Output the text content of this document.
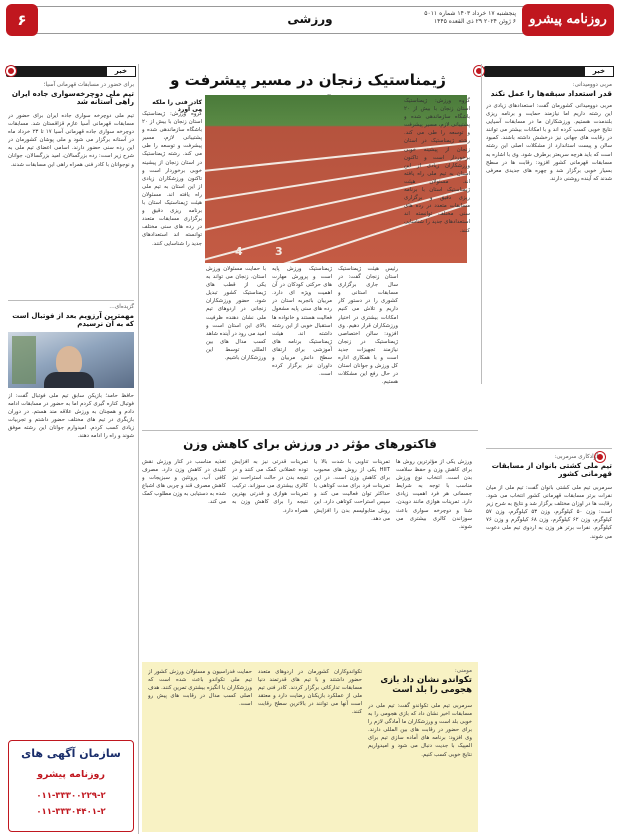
روزنامه پیشرو
پنجشنبه ۱۷ خرداد ۱۴۰۳ شماره ۵۰۱۱
۶ ژوئن ۲۰۲۴ ۲۹ ذی القعده ۱۴۴۵
ورزشی
۶
خبر
مربی دوومیدانی:
قدر استعداد سبقه‌ها را عمل نکند
مربی دوومیدانی کشورمان گفت: استعدادهای زیادی در این رشته داریم اما نیازمند حمایت و برنامه ریزی بلندمدت هستیم. ورزشکاران ما در مسابقات آسیایی نتایج خوبی کسب کرده اند و با امکانات بیشتر می توانند در رقابت های جهانی نیز درخشش داشته باشند. کمبود سالن و پیست استاندارد از مشکلات اصلی این رشته است که باید هرچه سریعتر برطرف شود. وی با اشاره به مسابقات قهرمانی کشور افزود: رقابت ها در سطح بسیار خوبی برگزار شد و چهره های جدیدی معرفی شدند که آینده روشنی دارند.
آزادکاری سرمربی:
تیم ملی کشتی بانوان از مسابقات قهرمانی کشور
سرمربی تیم ملی کشتی بانوان گفت: تیم ملی از میان نفرات برتر مسابقات قهرمانی کشور انتخاب می شود. رقابت ها در اوزان مختلف برگزار شد و نتایج به شرح زیر است: وزن ۵۰ کیلوگرم، وزن ۵۳ کیلوگرم، وزن ۵۷ کیلوگرم، وزن ۶۲ کیلوگرم، وزن ۶۸ کیلوگرم و وزن ۷۶ کیلوگرم. نفرات برتر هر وزن به اردوی تیم ملی دعوت می شوند.
ژیمناستیک زنجان در مسیر پیشرفت و
4	3
گروه ورزش: ژیمناستیک استان زنجان با بیش از ۲۰ باشگاه سازماندهی شده و پشتیبانی لازم، مسیر پیشرفت و توسعه را طی می کند. رشته ژیمناستیک در استان زنجان از پیشینه خوبی برخوردار است و تاکنون ورزشکاران زیادی از این استان به تیم ملی راه یافته اند. مسئولان هیئت ژیمناستیک استان با برنامه ریزی دقیق و برگزاری مسابقات متعدد در رده های سنی مختلف توانسته اند استعدادهای جدید را شناسایی کنند.
رئیس هیئت ژیمناستیک استان زنجان گفت: در سال جاری برگزاری مسابقات استانی و کشوری را در دستور کار داریم و تلاش می کنیم امکانات بیشتری در اختیار ورزشکاران قرار دهیم. وی افزود: سالن اختصاصی ژیمناستیک در زنجان نیازمند تجهیزات جدید است و با همکاری اداره کل ورزش و جوانان استان در حال رفع این مشکلات هستیم.
ژیمناستیک ورزش پایه است و پرورش مهارت های حرکتی کودکان در آن اهمیت ویژه ای دارد. مربیان باتجربه استان در رده های سنی پایه مشغول فعالیت هستند و خانواده ها استقبال خوبی از این رشته داشته اند. هیئت ژیمناستیک برنامه های آموزشی برای ارتقای سطح دانش مربیان و داوران نیز برگزار کرده است.
با حمایت مسئولان ورزش استان، زنجان می تواند به یکی از قطب های ژیمناستیک کشور تبدیل شود. حضور ورزشکاران زنجانی در اردوهای تیم ملی نشان دهنده ظرفیت بالای این استان است و امید می رود در آینده شاهد کسب مدال های بین المللی توسط این ورزشکاران باشیم.
کادر فنی را ملکه می آورد
گروه ورزش: ژیمناستیک استان زنجان با بیش از ۲۰ باشگاه سازماندهی شده و پشتیبانی لازم، مسیر پیشرفت و توسعه را طی می کند. رشته ژیمناستیک در استان زنجان از پیشینه خوبی برخوردار است و تاکنون ورزشکاران زیادی از این استان به تیم ملی راه یافته اند. مسئولان هیئت ژیمناستیک استان با برنامه ریزی دقیق و برگزاری مسابقات متعدد در رده های سنی مختلف توانسته اند استعدادهای جدید را شناسایی کنند.
فاکتورهای مؤثر در ورزش برای کاهش وزن
ورزش یکی از مؤثرترین روش ها برای کاهش وزن و حفظ سلامت بدن است. انتخاب نوع ورزش مناسب با توجه به شرایط جسمانی هر فرد اهمیت زیادی دارد. تمرینات هوازی مانند دویدن، شنا و دوچرخه سواری باعث سوزاندن کالری بیشتری می شوند.
تمرینات تناوبی با شدت بالا یا HIIT یکی از روش های محبوب برای کاهش وزن است. در این تمرینات فرد برای مدت کوتاهی با حداکثر توان فعالیت می کند و سپس استراحت کوتاهی دارد. این روش متابولیسم بدن را افزایش می دهد.
تمرینات قدرتی نیز به افزایش توده عضلانی کمک می کنند و در نتیجه بدن در حالت استراحت نیز کالری بیشتری می سوزاند. ترکیب تمرینات هوازی و قدرتی بهترین نتیجه را برای کاهش وزن به همراه دارد.
تغذیه مناسب در کنار ورزش نقش کلیدی در کاهش وزن دارد. مصرف کافی آب، پروتئین و سبزیجات و کاهش مصرف قند و چربی های اشباع شده به دستیابی به وزن مطلوب کمک می کند.
مومنی:
تکواندو نشان داد بازی هجومی را بلد است
سرمربی تیم ملی تکواندو گفت: تیم ملی در مسابقات اخیر نشان داد که بازی هجومی را به خوبی بلد است و ورزشکاران ما آمادگی لازم را برای حضور در رقابت های بین المللی دارند. وی افزود: برنامه های آماده سازی تیم برای المپیک با جدیت دنبال می شود و امیدواریم نتایج خوبی کسب کنیم.
تکواندوکاران کشورمان در اردوهای متعدد حضور داشتند و با تیم های قدرتمند دنیا مسابقات تدارکاتی برگزار کردند. کادر فنی تیم ملی از عملکرد بازیکنان رضایت دارد و معتقد است آنها می توانند در بالاترین سطح رقابت کنند.
حمایت فدراسیون و مسئولان ورزش کشور از تیم ملی تکواندو باعث شده است که ورزشکاران با انگیزه بیشتری تمرین کنند. هدف اصلی کسب مدال در رقابت های پیش رو است.
خبر
برای حضور در مسابقات قهرمانی آسیا؛
تیم ملی دوچرخه‌سواری جاده ایران راهی آستانه شد
تیم ملی دوچرخه سواری جاده ایران برای حضور در مسابقات قهرمانی آسیا عازم قزاقستان شد. مسابقات دوچرخه سواری جاده قهرمانی آسیا ۱۷ تا ۲۳ خرداد ماه در آستانه برگزار می شود و ملی پوشان کشورمان در این رده سنی حضور دارند. اسامی اعضای تیم ملی به شرح زیر است: رده بزرگسالان، امید بزرگسالان، جوانان و نوجوانان با کادر فنی همراه راهی این مسابقات شدند.
گزیده‌ای…
مهمترین آرزویم بعد از فوتبال است که به آن نرسیدم
حافظ حامد؛ بازیکن سابق تیم ملی فوتبال گفت: از فوتبال کناره گیری کردم اما به حضور در مسابقات ادامه دادم و همچنان به ورزش علاقه مند هستم. در دوران بازیگری در تیم های مختلف حضور داشتم و تجربیات زیادی کسب کردم. امیدوارم جوانان این رشته موفق شوند و راه را ادامه دهند.
سازمان آگهی های
روزنامه پیشرو
۰۱۱-۳۳۳۰۰۲۲۹-۲
۰۱۱-۳۳۳۰۴۴۰۱-۲
